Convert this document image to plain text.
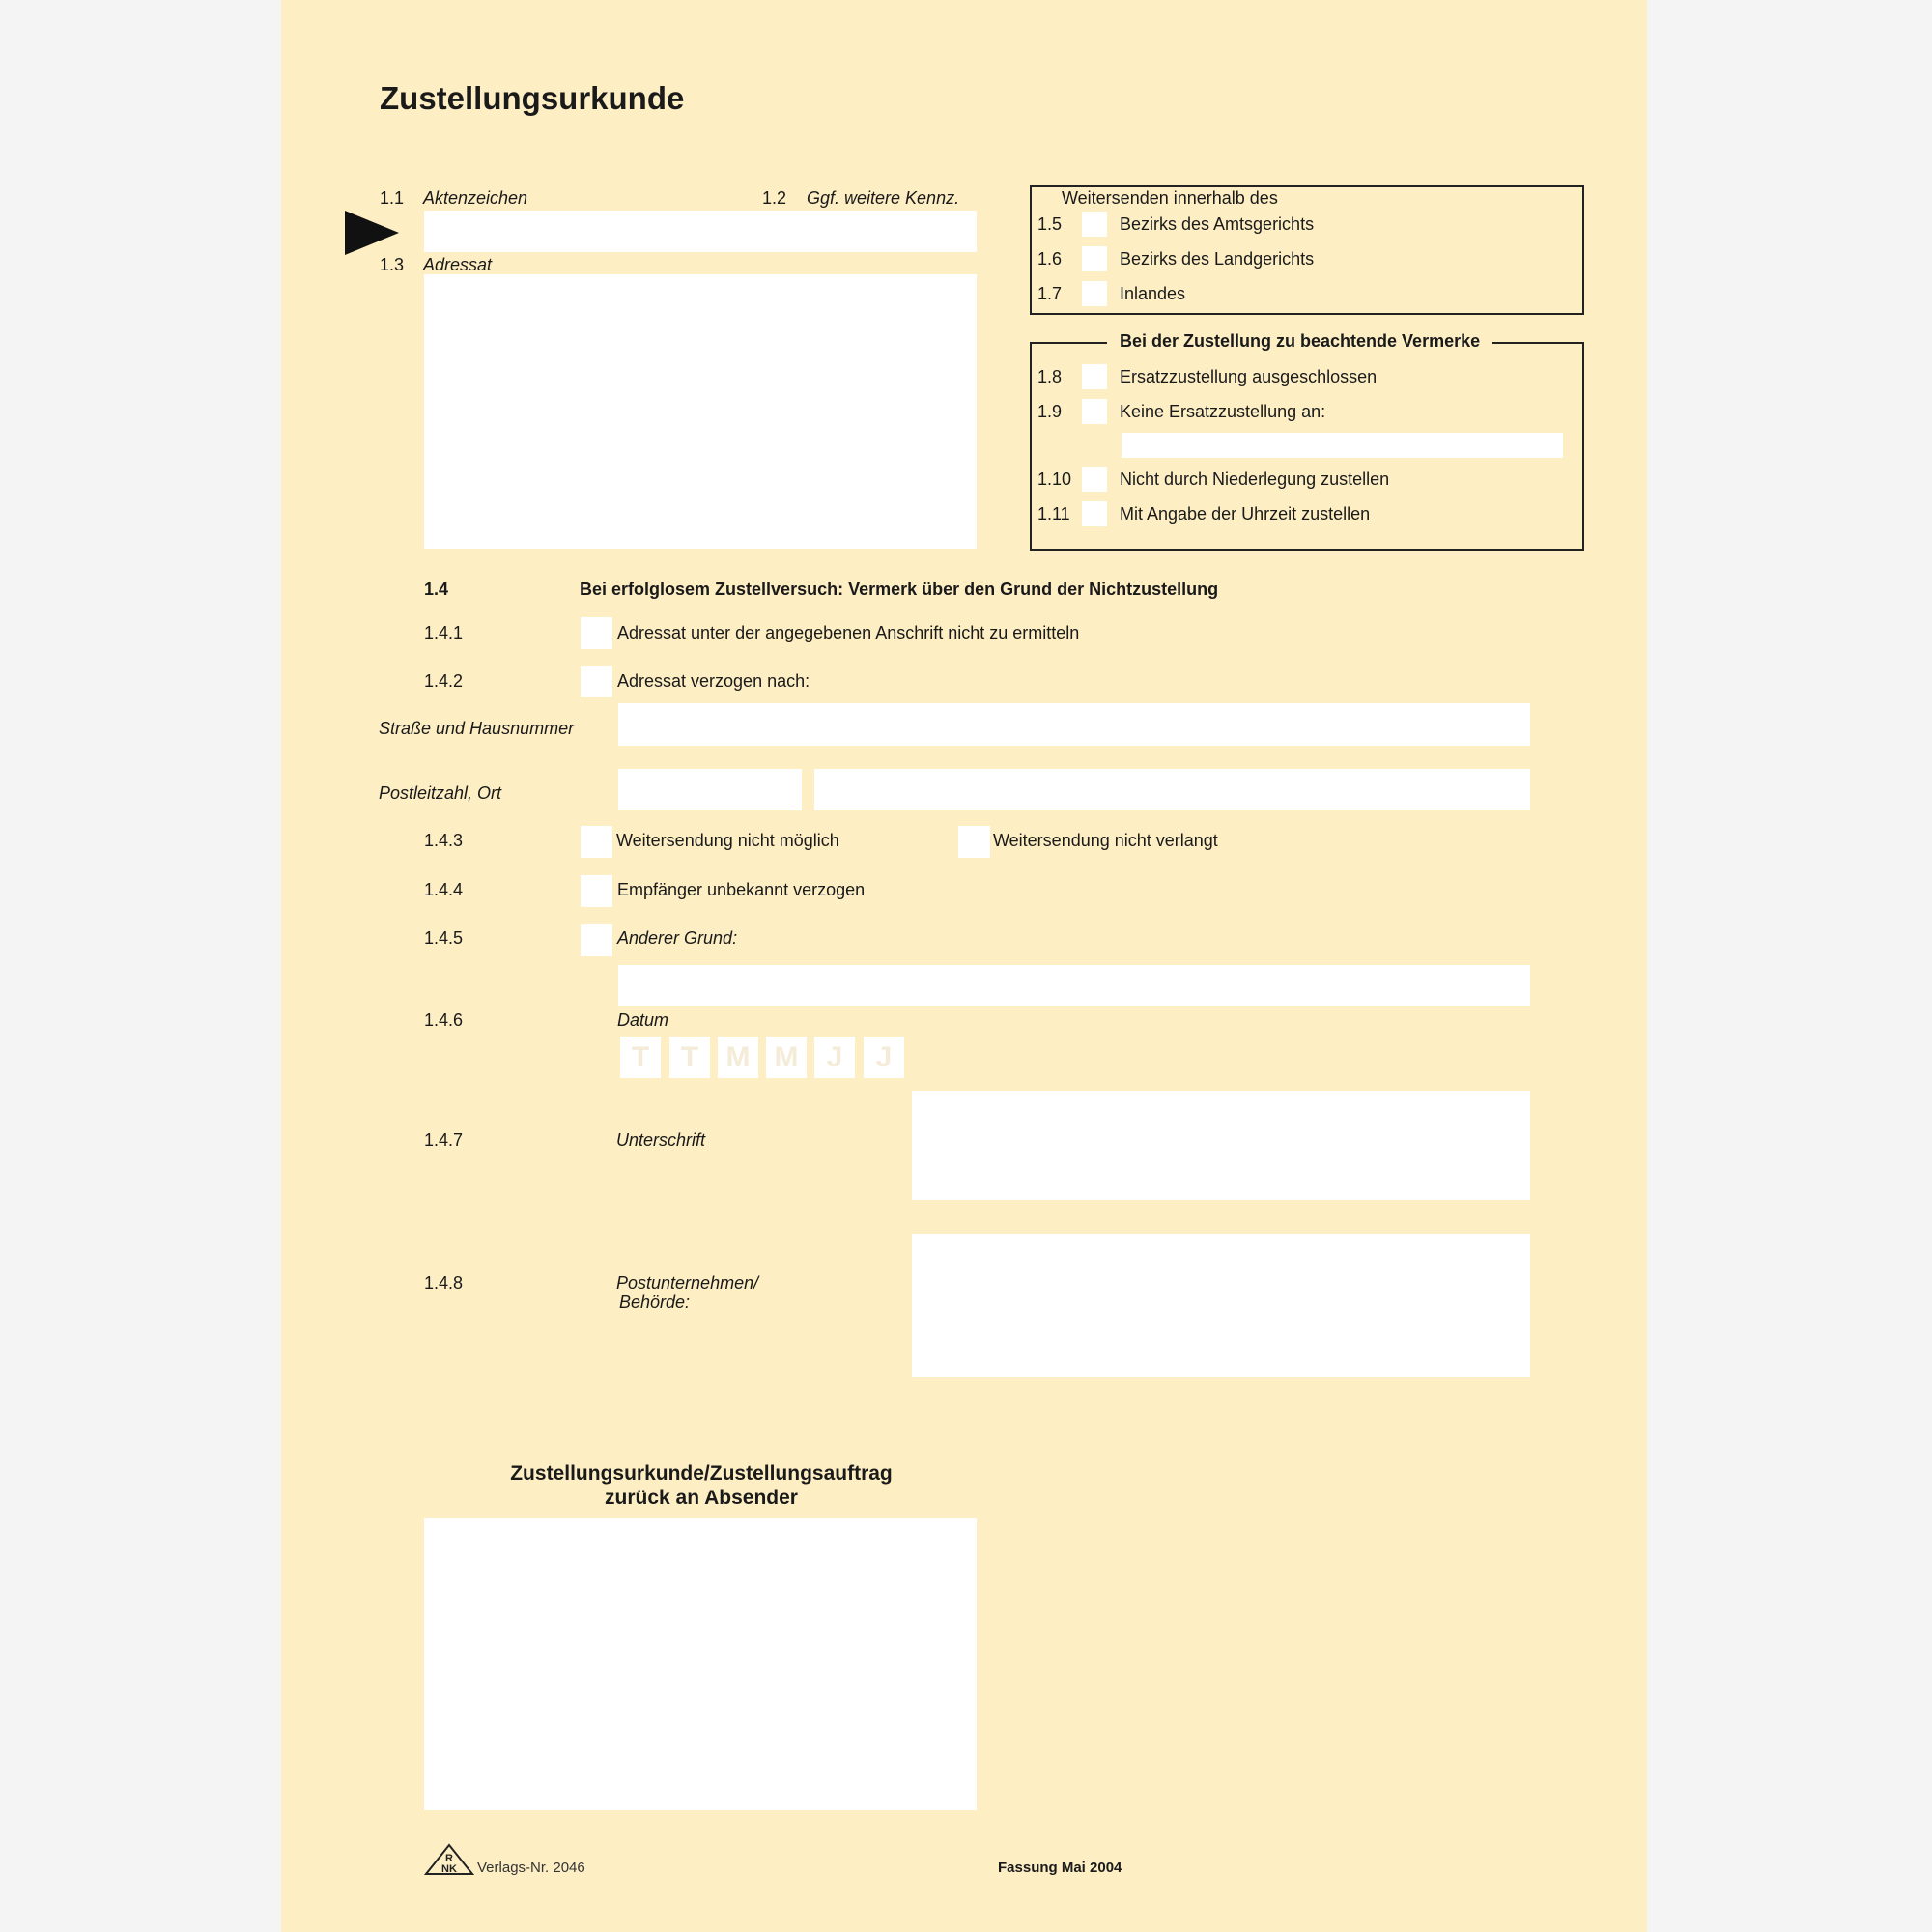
Zustellungsurkunde
1.1 Aktenzeichen	1.2 Ggf. weitere Kennz.
1.3 Adressat
Weitersenden innerhalb des
1.5	Bezirks des Amtsgerichts
1.6	Bezirks des Landgerichts
1.7	Inlandes
Bei der Zustellung zu beachtende Vermerke
1.8	Ersatzzustellung ausgeschlossen
1.9	Keine Ersatzzustellung an:
1.10	Nicht durch Niederlegung zustellen
1.11	Mit Angabe der Uhrzeit zustellen
1.4	Bei erfolglosem Zustellversuch: Vermerk über den Grund der Nichtzustellung
1.4.1	Adressat unter der angegebenen Anschrift nicht zu ermitteln
1.4.2	Adressat verzogen nach:
Straße und Hausnummer
Postleitzahl, Ort
1.4.3	Weitersendung nicht möglich	Weitersendung nicht verlangt
1.4.4	Empfänger unbekannt verzogen
1.4.5	Anderer Grund:
1.4.6	Datum
T	T M M J	J
1.4.7	Unterschrift
1.4.8	Postunternehmen/
Behörde:
Zustellungsurkunde/Zustellungsauftrag
zurück an Absender
R
NK Verlags-Nr. 2046	Fassung Mai 2004
